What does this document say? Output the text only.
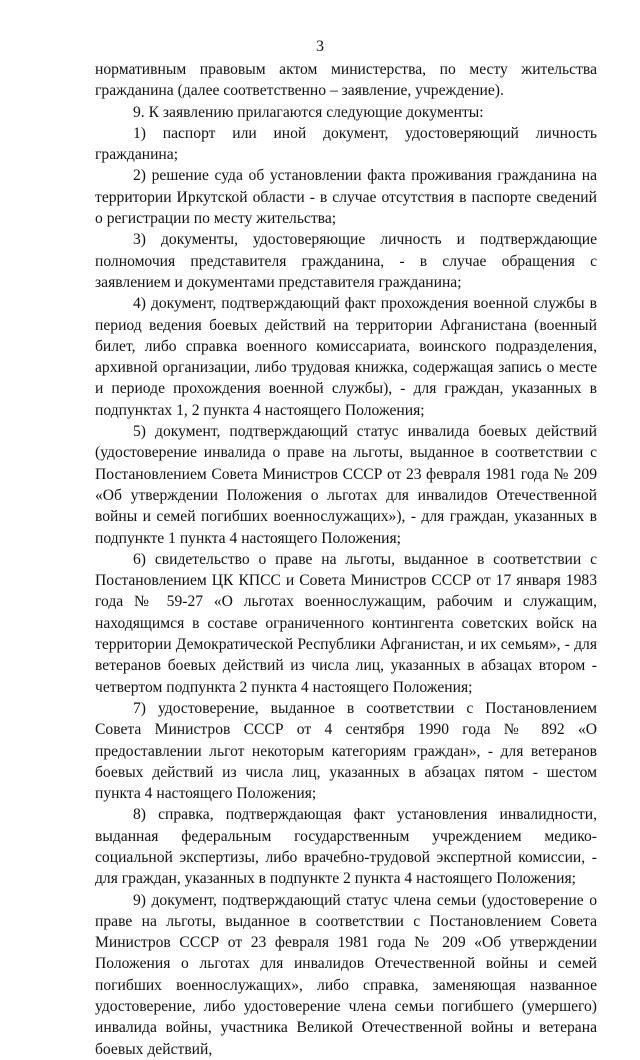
3

нормативным правовым актом министерства, по месту жительства гражданина (далее соответственно – заявление, учреждение).

9. К заявлению прилагаются следующие документы:

1) паспорт или иной документ, удостоверяющий личность гражданина;

2) решение суда об установлении факта проживания гражданина на территории Иркутской области - в случае отсутствия в паспорте сведений о регистрации по месту жительства;

3) документы, удостоверяющие личность и подтверждающие полномочия представителя гражданина, - в случае обращения с заявлением и документами представителя гражданина;

4) документ, подтверждающий факт прохождения военной службы в период ведения боевых действий на территории Афганистана (военный билет, либо справка военного комиссариата, воинского подразделения, архивной организации, либо трудовая книжка, содержащая запись о месте и периоде прохождения военной службы), - для граждан, указанных в подпунктах 1, 2 пункта 4 настоящего Положения;

5) документ, подтверждающий статус инвалида боевых действий (удостоверение инвалида о праве на льготы, выданное в соответствии с Постановлением Совета Министров СССР от 23 февраля 1981 года № 209 «Об утверждении Положения о льготах для инвалидов Отечественной войны и семей погибших военнослужащих»), - для граждан, указанных в подпункте 1 пункта 4 настоящего Положения;

6) свидетельство о праве на льготы, выданное в соответствии с Постановлением ЦК КПСС и Совета Министров СССР от 17 января 1983 года № 59-27 «О льготах военнослужащим, рабочим и служащим, находящимся в составе ограниченного контингента советских войск на территории Демократической Республики Афганистан, и их семьям», - для ветеранов боевых действий из числа лиц, указанных в абзацах втором - четвертом подпункта 2 пункта 4 настоящего Положения;

7) удостоверение, выданное в соответствии с Постановлением Совета Министров СССР от 4 сентября 1990 года № 892 «О предоставлении льгот некоторым категориям граждан», - для ветеранов боевых действий из числа лиц, указанных в абзацах пятом - шестом пункта 4 настоящего Положения;

8) справка, подтверждающая факт установления инвалидности, выданная федеральным государственным учреждением медико-социальной экспертизы, либо врачебно-трудовой экспертной комиссии, - для граждан, указанных в подпункте 2 пункта 4 настоящего Положения;

9) документ, подтверждающий статус члена семьи (удостоверение о праве на льготы, выданное в соответствии с Постановлением Совета Министров СССР от 23 февраля 1981 года № 209 «Об утверждении Положения о льготах для инвалидов Отечественной войны и семей погибших военнослужащих», либо справка, заменяющая названное удостоверение, либо удостоверение члена семьи погибшего (умершего) инвалида войны, участника Великой Отечественной войны и ветерана боевых действий,
